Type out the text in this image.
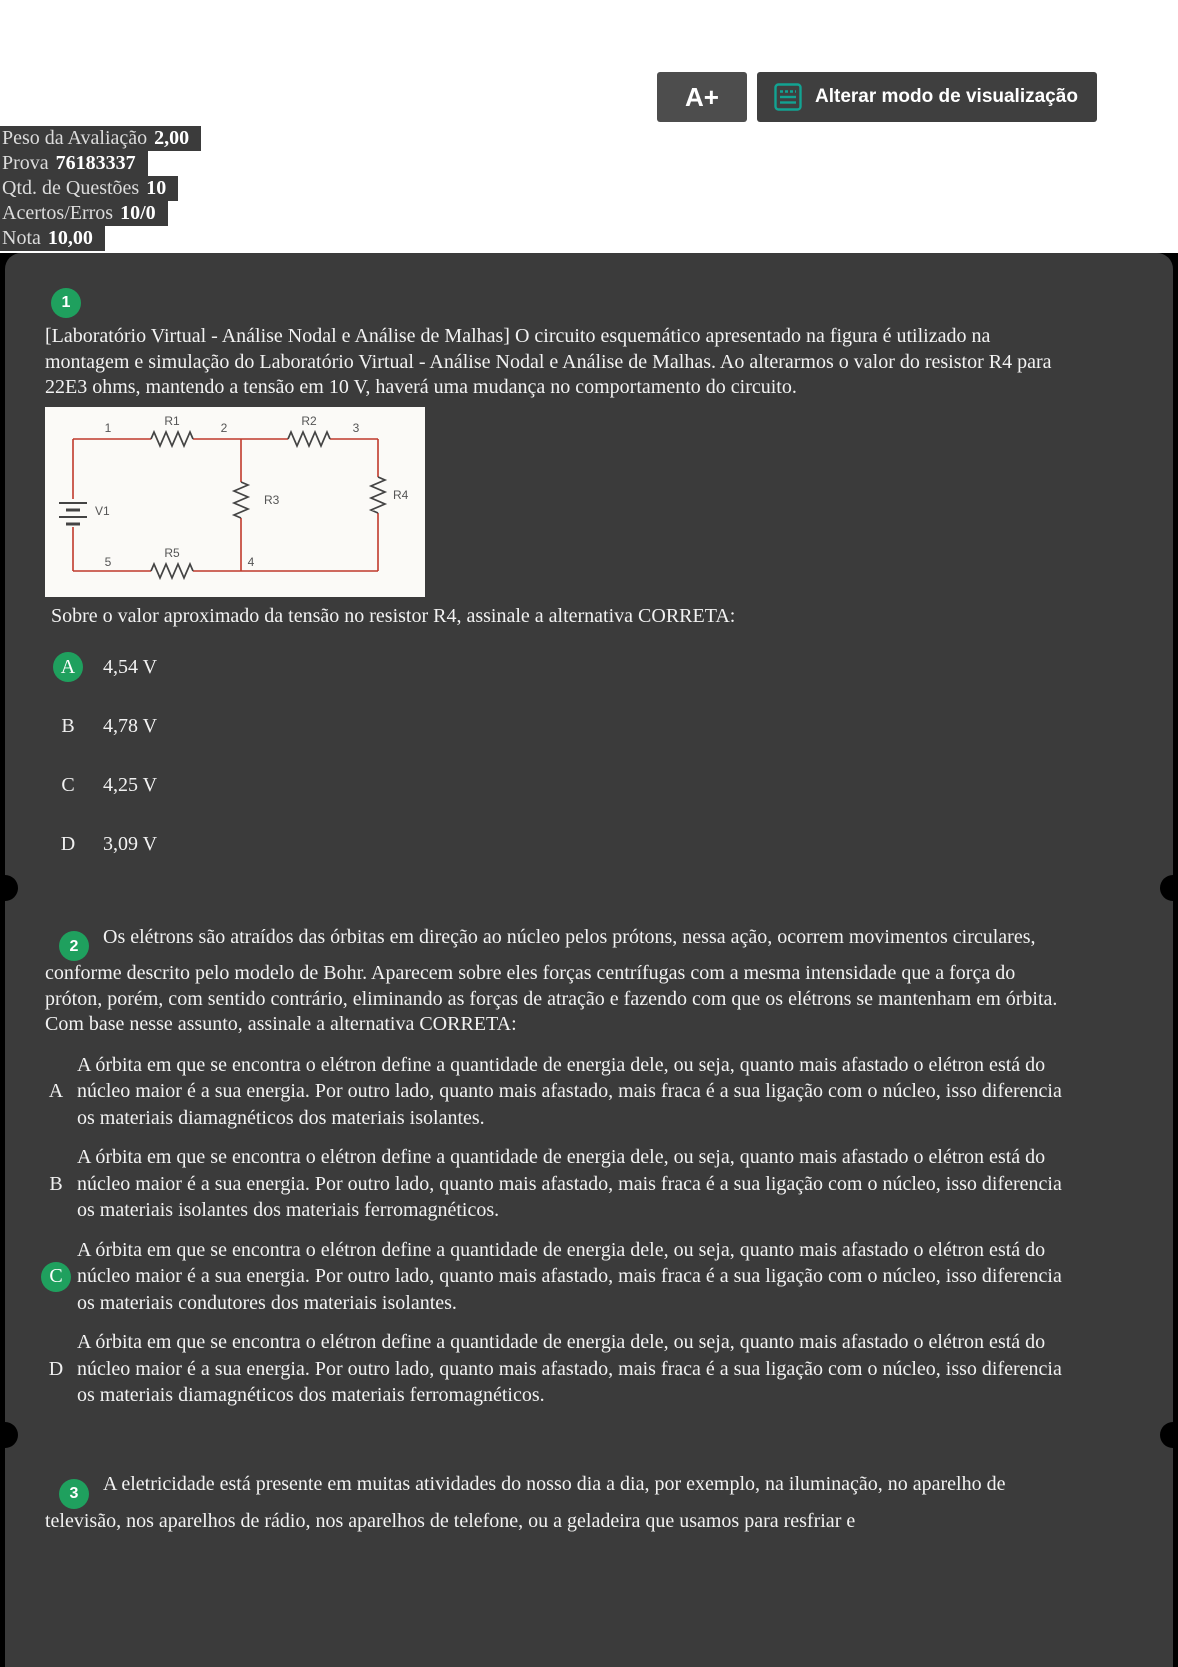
A+	Alterar modo de visualização
Peso da Avaliação 2,00
Prova 76183337
Qtd. de Questões 10
Acertos/Erros 10/0
Nota 10,00
1

[Laboratório Virtual - Análise Nodal e Análise de Malhas] O circuito esquemático apresentado na figura é utilizado na montagem e simulação do Laboratório Virtual - Análise Nodal e Análise de Malhas. Ao alterarmos o valor do resistor R4 para 22E3 ohms, mantendo a tensão em 10 V, haverá uma mudança no comportamento do circuito.

R1	R2
1	2	3
R3	R4
V1
R5
5	4

Sobre o valor aproximado da tensão no resistor R4, assinale a alternativa CORRETA:

A	4,54 V
B	4,78 V
C	4,25 V
D	3,09 V

2 Os elétrons são atraídos das órbitas em direção ao núcleo pelos prótons, nessa ação, ocorrem movimentos circulares, conforme descrito pelo modelo de Bohr. Aparecem sobre eles forças centrífugas com a mesma intensidade que a força do próton, porém, com sentido contrário, eliminando as forças de atração e fazendo com que os elétrons se mantenham em órbita. Com base nesse assunto, assinale a alternativa CORRETA:

A
A órbita em que se encontra o elétron define a quantidade de energia dele, ou seja, quanto mais afastado o elétron está do núcleo maior é a sua energia. Por outro lado, quanto mais afastado, mais fraca é a sua ligação com o núcleo, isso diferencia os materiais diamagnéticos dos materiais isolantes.
B
A órbita em que se encontra o elétron define a quantidade de energia dele, ou seja, quanto mais afastado o elétron está do núcleo maior é a sua energia. Por outro lado, quanto mais afastado, mais fraca é a sua ligação com o núcleo, isso diferencia os materiais isolantes dos materiais ferromagnéticos.
C
A órbita em que se encontra o elétron define a quantidade de energia dele, ou seja, quanto mais afastado o elétron está do núcleo maior é a sua energia. Por outro lado, quanto mais afastado, mais fraca é a sua ligação com o núcleo, isso diferencia os materiais condutores dos materiais isolantes.
D
A órbita em que se encontra o elétron define a quantidade de energia dele, ou seja, quanto mais afastado o elétron está do núcleo maior é a sua energia. Por outro lado, quanto mais afastado, mais fraca é a sua ligação com o núcleo, isso diferencia os materiais diamagnéticos dos materiais ferromagnéticos.

3 A eletricidade está presente em muitas atividades do nosso dia a dia, por exemplo, na iluminação, no aparelho de televisão, nos aparelhos de rádio, nos aparelhos de telefone, ou a geladeira que usamos para resfriar e
